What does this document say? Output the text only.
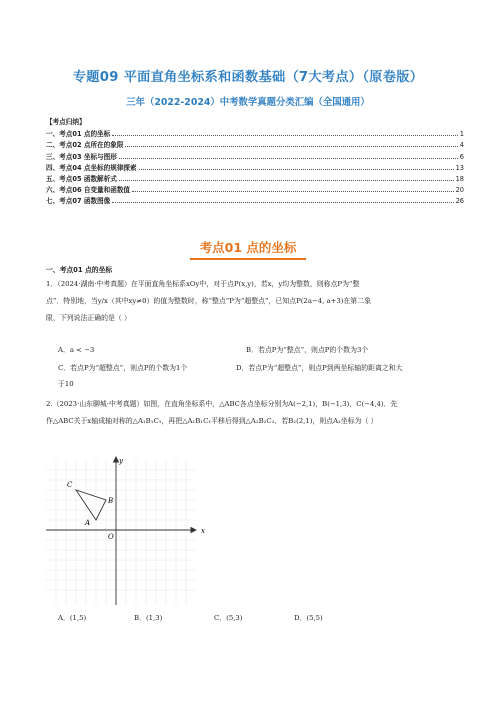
专题09 平面直角坐标系和函数基础（7大考点）（原卷版）
三年（2022-2024）中考数学真题分类汇编（全国通用）
【考点归纳】
一、考点01 点的坐标	1
二、考点02 点所在的象限	4
三、考点03 坐标与图形	6
四、考点04 点坐标的规律探索	13
五、考点05 函数解析式	18
六、考点06 自变量和函数值	20
七、考点07 函数图像	26
考点01 点的坐标
一、考点01 点的坐标
1．（2024·湖南·中考真题）在平面直角坐标系xOy中，对于点P(x,y)，若x，y均为整数，则称点P为“整
点”．特别地，当y/x（其中xy≠0）的值为整数时，称“整点”P为“超整点”，已知点P(2a−4, a+3)在第二象
限，下列说法正确的是（ ）
A．a < −3	B．若点P为“整点”，则点P的个数为3个
C．若点P为“超整点”，则点P的个数为1个	D．若点P为“超整点”，则点P到两坐标轴的距离之和大
于10
2.（2023·山东聊城·中考真题）如图，在直角坐标系中，△ABC各点坐标分别为A(−2,1)，B(−1,3)，C(−4,4)．先
作△ABC关于x轴成轴对称的△A₁B₁C₁，再把△A₁B₁C₁平移后得到△A₂B₂C₂．若B₂(2,1)，则点A₂坐标为（ ）
x
y
O
A
B
C
A．(1,5)	B．(1,3)	C．(5,3)	D．(5,5)
